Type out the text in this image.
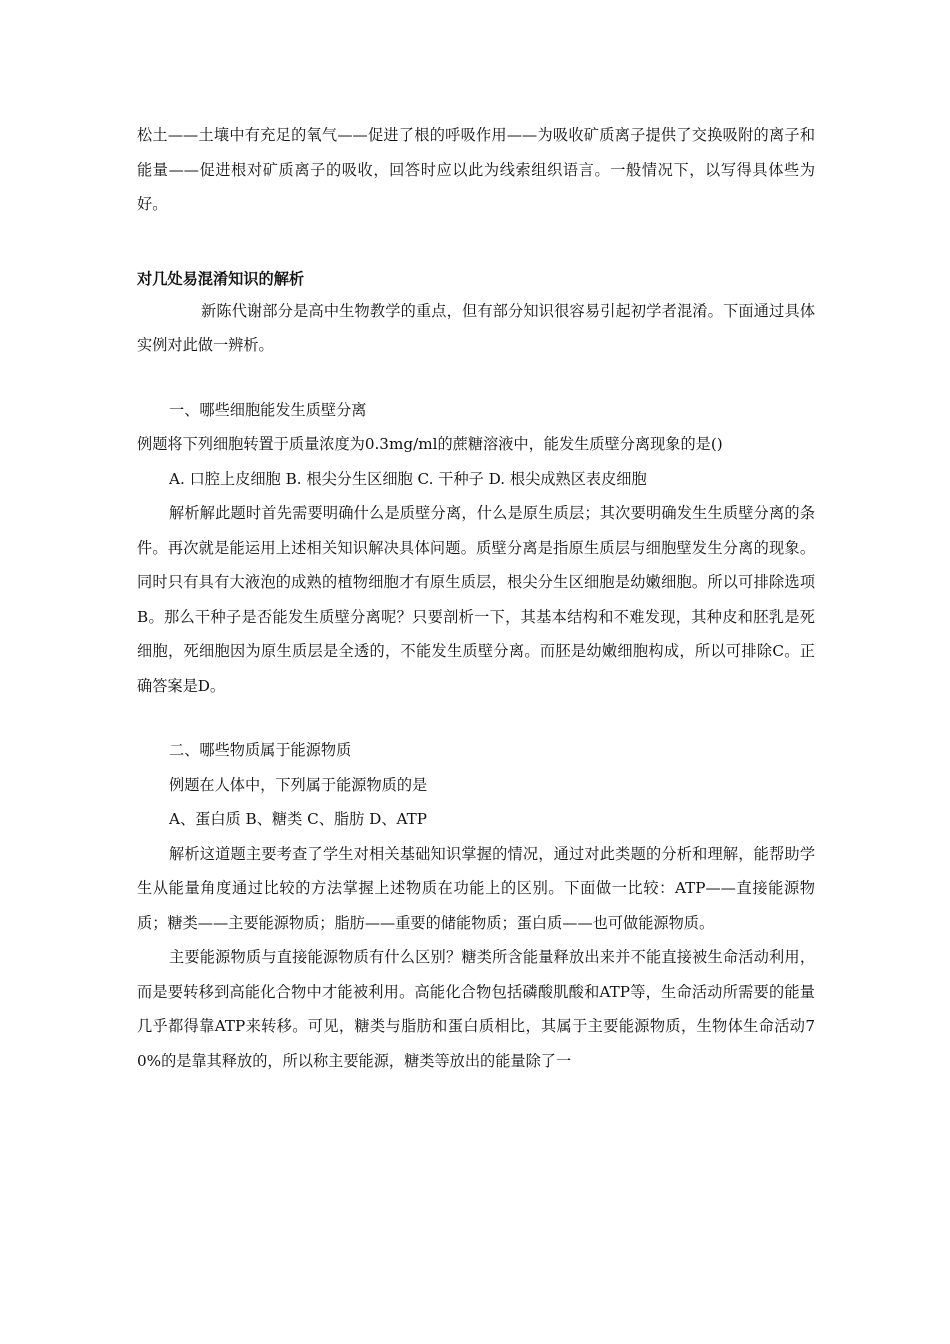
松土——土壤中有充足的氧气——促进了根的呼吸作用——为吸收矿质离子提供了交换吸附的离子和能量——促进根对矿质离子的吸收，回答时应以此为线索组织语言。一般情况下，以写得具体些为好。

对几处易混淆知识的解析

新陈代谢部分是高中生物教学的重点，但有部分知识很容易引起初学者混淆。下面通过具体实例对此做一辨析。

一、哪些细胞能发生质壁分离

例题将下列细胞转置于质量浓度为0.3mg/ml的蔗糖溶液中，能发生质壁分离现象的是()

A. 口腔上皮细胞 B. 根尖分生区细胞 C. 干种子 D. 根尖成熟区表皮细胞

解析解此题时首先需要明确什么是质壁分离，什么是原生质层；其次要明确发生生质壁分离的条件。再次就是能运用上述相关知识解决具体问题。质壁分离是指原生质层与细胞壁发生分离的现象。同时只有具有大液泡的成熟的植物细胞才有原生质层，根尖分生区细胞是幼嫩细胞。所以可排除选项B。那么干种子是否能发生质壁分离呢？只要剖析一下，其基本结构和不难发现，其种皮和胚乳是死细胞，死细胞因为原生质层是全透的，不能发生质壁分离。而胚是幼嫩细胞构成，所以可排除C。正确答案是D。

二、哪些物质属于能源物质

例题在人体中，下列属于能源物质的是

A、蛋白质 B、糖类 C、脂肪 D、ATP

解析这道题主要考查了学生对相关基础知识掌握的情况，通过对此类题的分析和理解，能帮助学生从能量角度通过比较的方法掌握上述物质在功能上的区别。下面做一比较：ATP——直接能源物质；糖类——主要能源物质；脂肪——重要的储能物质；蛋白质——也可做能源物质。

主要能源物质与直接能源物质有什么区别？糖类所含能量释放出来并不能直接被生命活动利用，而是要转移到高能化合物中才能被利用。高能化合物包括磷酸肌酸和ATP等，生命活动所需要的能量几乎都得靠ATP来转移。可见，糖类与脂肪和蛋白质相比，其属于主要能源物质，生物体生命活动70%的是靠其释放的，所以称主要能源，糖类等放出的能量除了一
